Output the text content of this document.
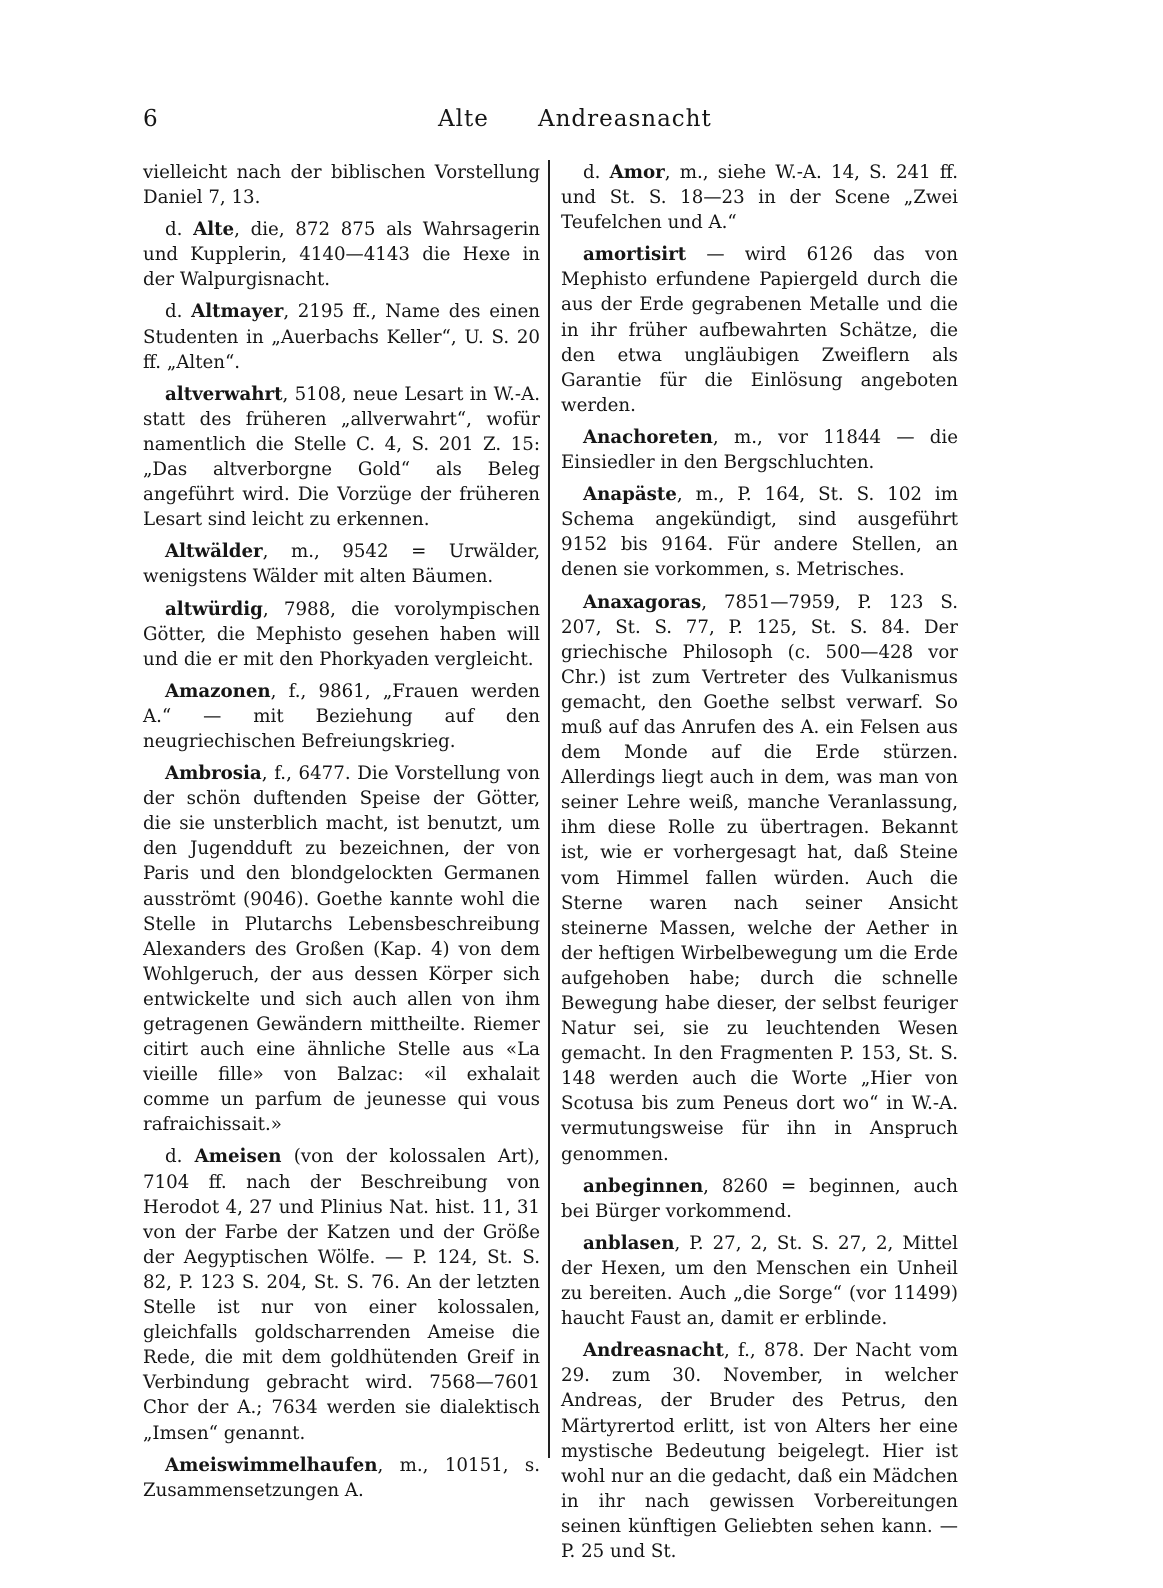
6	Alte Andreasnacht

vielleicht nach der biblischen Vorstellung Daniel 7, 13.

d. Alte, die, 872 875 als Wahrsagerin und Kupplerin, 4140—4143 die Hexe in der Walpurgisnacht.

d. Altmayer, 2195 ff., Name des einen Studenten in „Auerbachs Keller“, U. S. 20 ff. „Alten“.

altverwahrt, 5108, neue Lesart in W.-A. statt des früheren „allverwahrt“, wofür namentlich die Stelle C. 4, S. 201 Z. 15: „Das altverborgne Gold“ als Beleg angeführt wird. Die Vorzüge der früheren Lesart sind leicht zu erkennen.

Altwälder, m., 9542 = Urwälder, wenigstens Wälder mit alten Bäumen.

altwürdig, 7988, die vorolympischen Götter, die Mephisto gesehen haben will und die er mit den Phorkyaden vergleicht.

Amazonen, f., 9861, „Frauen werden A.“ — mit Beziehung auf den neugriechischen Befreiungskrieg.

Ambrosia, f., 6477. Die Vorstellung von der schön duftenden Speise der Götter, die sie unsterblich macht, ist benutzt, um den Jugendduft zu bezeichnen, der von Paris und den blondgelockten Germanen ausströmt (9046). Goethe kannte wohl die Stelle in Plutarchs Lebensbeschreibung Alexanders des Großen (Kap. 4) von dem Wohlgeruch, der aus dessen Körper sich entwickelte und sich auch allen von ihm getragenen Gewändern mittheilte. Riemer citirt auch eine ähnliche Stelle aus «La vieille fille» von Balzac: «il exhalait comme un parfum de jeunesse qui vous rafraichissait.»

d. Ameisen (von der kolossalen Art), 7104 ff. nach der Beschreibung von Herodot 4, 27 und Plinius Nat. hist. 11, 31 von der Farbe der Katzen und der Größe der Aegyptischen Wölfe. — P. 124, St. S. 82, P. 123 S. 204, St. S. 76. An der letzten Stelle ist nur von einer kolossalen, gleichfalls goldscharrenden Ameise die Rede, die mit dem goldhütenden Greif in Verbindung gebracht wird. 7568—7601 Chor der A.; 7634 werden sie dialektisch „Imsen“ genannt.

Ameiswimmelhaufen, m., 10151, s. Zusammensetzungen A.

d. Amor, m., siehe W.-A. 14, S. 241 ff. und St. S. 18—23 in der Scene „Zwei Teufelchen und A.“

amortisirt — wird 6126 das von Mephisto erfundene Papiergeld durch die aus der Erde gegrabenen Metalle und die in ihr früher aufbewahrten Schätze, die den etwa ungläubigen Zweiflern als Garantie für die Einlösung angeboten werden.

Anachoreten, m., vor 11844 — die Einsiedler in den Bergschluchten.

Anapäste, m., P. 164, St. S. 102 im Schema angekündigt, sind ausgeführt 9152 bis 9164. Für andere Stellen, an denen sie vorkommen, s. Metrisches.

Anaxagoras, 7851—7959, P. 123 S. 207, St. S. 77, P. 125, St. S. 84. Der griechische Philosoph (c. 500—428 vor Chr.) ist zum Vertreter des Vulkanismus gemacht, den Goethe selbst verwarf. So muß auf das Anrufen des A. ein Felsen aus dem Monde auf die Erde stürzen. Allerdings liegt auch in dem, was man von seiner Lehre weiß, manche Veranlassung, ihm diese Rolle zu übertragen. Bekannt ist, wie er vorhergesagt hat, daß Steine vom Himmel fallen würden. Auch die Sterne waren nach seiner Ansicht steinerne Massen, welche der Aether in der heftigen Wirbelbewegung um die Erde aufgehoben habe; durch die schnelle Bewegung habe dieser, der selbst feuriger Natur sei, sie zu leuchtenden Wesen gemacht. In den Fragmenten P. 153, St. S. 148 werden auch die Worte „Hier von Scotusa bis zum Peneus dort wo“ in W.-A. vermutungsweise für ihn in Anspruch genommen.

anbeginnen, 8260 = beginnen, auch bei Bürger vorkommend.

anblasen, P. 27, 2, St. S. 27, 2, Mittel der Hexen, um den Menschen ein Unheil zu bereiten. Auch „die Sorge“ (vor 11499) haucht Faust an, damit er erblinde.

Andreasnacht, f., 878. Der Nacht vom 29. zum 30. November, in welcher Andreas, der Bruder des Petrus, den Märtyrertod erlitt, ist von Alters her eine mystische Bedeutung beigelegt. Hier ist wohl nur an die gedacht, daß ein Mädchen in ihr nach gewissen Vorbereitungen seinen künftigen Geliebten sehen kann. — P. 25 und St.
